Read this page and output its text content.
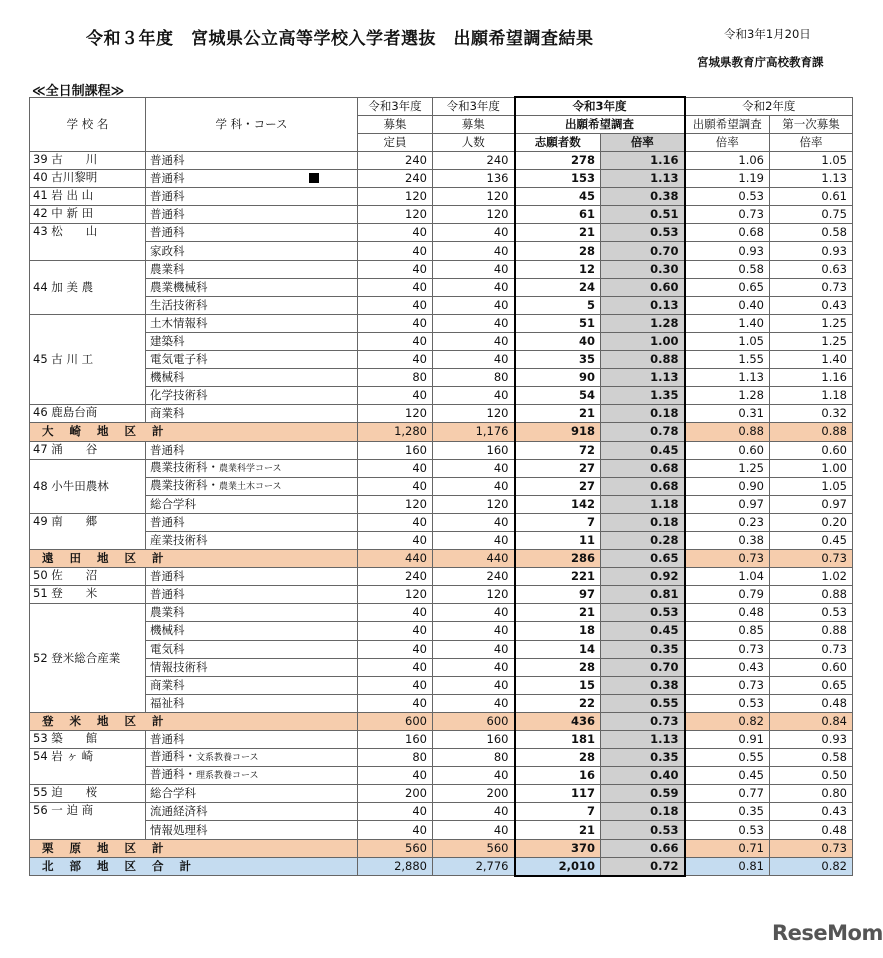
令和３年度　宮城県公立高等学校入学者選抜　出願希望調査結果	令和3年1月20日
宮城県教育庁高校教育課
≪全日制課程≫
学 校 名	学 科・コース	令和3年度	令和3年度	令和3年度		令和2年度	
		募集	募集	出願希望調査		出願希望調査	第一次募集
		定員	人数	志願者数	倍率	倍率	倍率
39 古　　川	普通科	240	240	278	1.16	1.06	1.05
40 古川黎明	普通科	240	136	153	1.13	1.19	1.13
41 岩 出 山	普通科	120	120	45	0.38	0.53	0.61
42 中 新 田	普通科	120	120	61	0.51	0.73	0.75
43 松　　山	普通科	40	40	21	0.53	0.68	0.58
	家政科	40	40	28	0.70	0.93	0.93
44 加 美 農	農業科	40	40	12	0.30	0.58	0.63
	農業機械科	40	40	24	0.60	0.65	0.73
	生活技術科	40	40	5	0.13	0.40	0.43
45 古 川 工	土木情報科	40	40	51	1.28	1.40	1.25
	建築科	40	40	40	1.00	1.05	1.25
	電気電子科	40	40	35	0.88	1.55	1.40
	機械科	80	80	90	1.13	1.13	1.16
	化学技術科	40	40	54	1.35	1.28	1.18
46 鹿島台商	商業科	120	120	21	0.18	0.31	0.32
大 崎 地 区 計		1,280	1,176	918	0.78	0.88	0.88
47 涌　　谷	普通科	160	160	72	0.45	0.60	0.60
48 小牛田農林	農業技術科・農業科学コース	40	40	27	0.68	1.25	1.00
	農業技術科・農業土木コース	40	40	27	0.68	0.90	1.05
	総合学科	120	120	142	1.18	0.97	0.97
49 南　　郷	普通科	40	40	7	0.18	0.23	0.20
	産業技術科	40	40	11	0.28	0.38	0.45
遠 田 地 区 計		440	440	286	0.65	0.73	0.73
50 佐　　沼	普通科	240	240	221	0.92	1.04	1.02
51 登　　米	普通科	120	120	97	0.81	0.79	0.88
52 登米総合産業	農業科	40	40	21	0.53	0.48	0.53
	機械科	40	40	18	0.45	0.85	0.88
	電気科	40	40	14	0.35	0.73	0.73
	情報技術科	40	40	28	0.70	0.43	0.60
	商業科	40	40	15	0.38	0.73	0.65
	福祉科	40	40	22	0.55	0.53	0.48
登 米 地 区 計		600	600	436	0.73	0.82	0.84
53 築　　館	普通科	160	160	181	1.13	0.91	0.93
54 岩 ヶ 崎	普通科・文系教養コース	80	80	28	0.35	0.55	0.58
	普通科・理系教養コース	40	40	16	0.40	0.45	0.50
55 迫　　桜	総合学科	200	200	117	0.59	0.77	0.80
56 一 迫 商	流通経済科	40	40	7	0.18	0.35	0.43
	情報処理科	40	40	21	0.53	0.53	0.48
栗 原 地 区 計		560	560	370	0.66	0.71	0.73
北 部 地 区 合 計		2,880	2,776	2,010	0.72	0.81	0.82
ReseMom
